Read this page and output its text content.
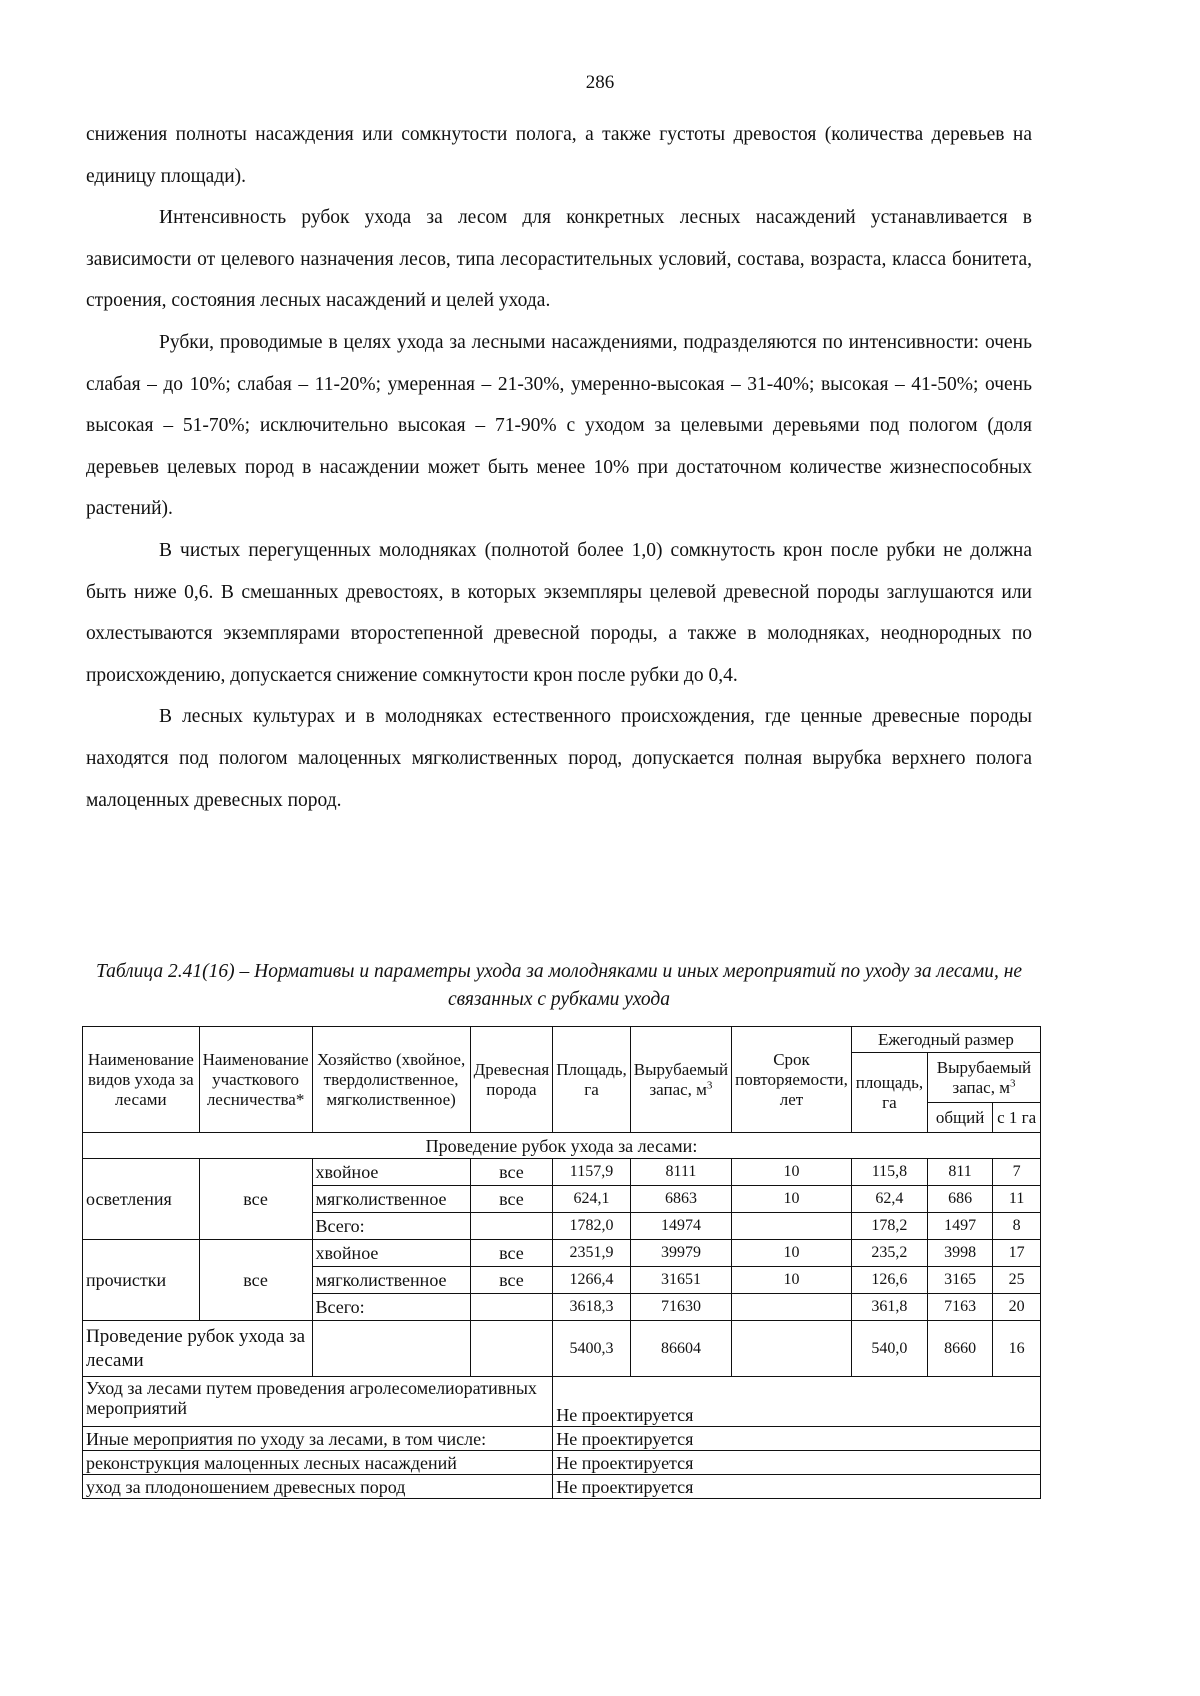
286

снижения полноты насаждения или сомкнутости полога, а также густоты древостоя (количества деревьев на единицу площади).

Интенсивность рубок ухода за лесом для конкретных лесных насаждений устанавливается в зависимости от целевого назначения лесов, типа лесорастительных условий, состава, возраста, класса бонитета, строения, состояния лесных насаждений и целей ухода.

Рубки, проводимые в целях ухода за лесными насаждениями, подразделяются по интенсивности: очень слабая – до 10%; слабая – 11-20%; умеренная – 21-30%, умеренно-высокая – 31-40%; высокая – 41-50%; очень высокая – 51-70%; исключительно высокая – 71-90% с уходом за целевыми деревьями под пологом (доля деревьев целевых пород в насаждении может быть менее 10% при достаточном количестве жизнеспособных растений).

В чистых перегущенных молодняках (полнотой более 1,0) сомкнутость крон после рубки не должна быть ниже 0,6. В смешанных древостоях, в которых экземпляры целевой древесной породы заглушаются или охлестываются экземплярами второстепенной древесной породы, а также в молодняках, неоднородных по происхождению, допускается снижение сомкнутости крон после рубки до 0,4.

В лесных культурах и в молодняках естественного происхождения, где ценные древесные породы находятся под пологом малоценных мягколиственных пород, допускается полная вырубка верхнего полога малоценных древесных пород.

Таблица 2.41(16) – Нормативы и параметры ухода за молодняками и иных мероприятий по уходу за лесами, не связанных с рубками ухода
Наименование видов ухода за лесами	Наименование участкового лесничества*	Хозяйство (хвойное, твердолиственное, мягколиственное)	Древесная порода	Площадь, га	Вырубаемый запас, $м^3$	Срок повторяемости, лет	Ежегодный размер		
							площадь, га	Вырубаемый запас, $м^3$
								общий	с 1 га
Проведение рубок ухода за лесами:									
осветления	все	хвойное	все	1157,9	8111	10	115,8	811	7
		мягколиственное	все	624,1	6863	10	62,4	686	11
		Всего:		1782,0	14974		178,2	1497	8
прочистки	все	хвойное	все	2351,9	39979	10	235,2	3998	17
		мягколиственное	все	1266,4	31651	10	126,6	3165	25
		Всего:		3618,3	71630		361,8	7163	20
Проведение рубок ухода за лесами				5400,3	86604		540,0	8660	16
Уход за лесами путем проведения агролесомелиоративных мероприятий				Не проектируется					
Иные мероприятия по уходу за лесами, в том числе:				Не проектируется					
реконструкция малоценных лесных насаждений				Не проектируется					
уход за плодоношением древесных пород				Не проектируется					
